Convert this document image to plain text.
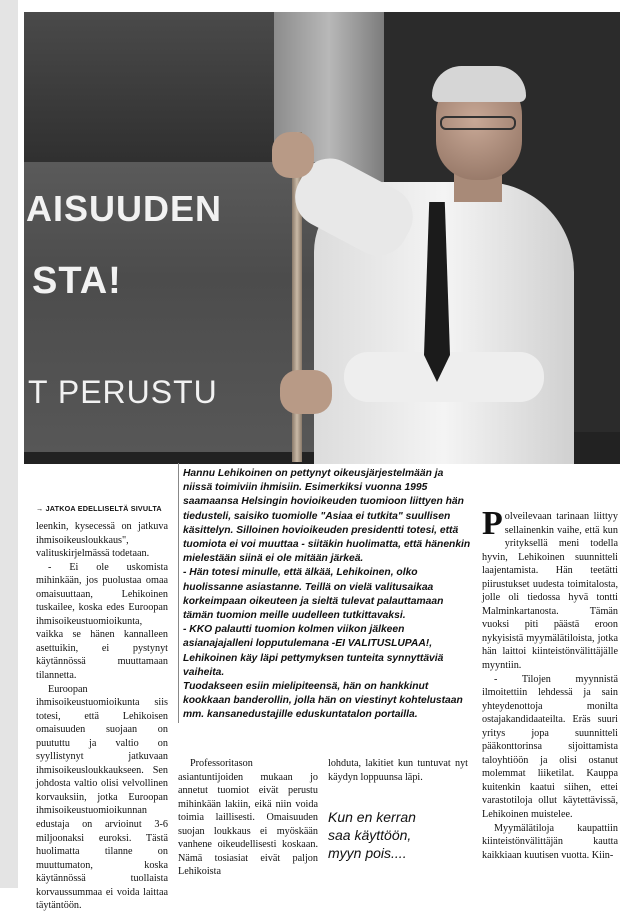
AISUUDEN
STA!
T PERUSTU

Hannu Lehikoinen on pettynyt oikeusjärjestelmään ja niissä toimiviin ihmisiin. Esimerkiksi vuonna 1995 saamaansa Helsingin hovioikeuden tuomioon liittyen hän tiedusteli, saisiko tuomiolle "Asiaa ei tutkita" suullisen käsittelyn. Silloinen hovioikeuden presidentti totesi, että tuomiota ei voi muuttaa - siitäkin huolimatta, että hänenkin mielestään siinä ei ole mitään järkeä.

- Hän totesi minulle, että älkää, Lehikoinen, olko huolissanne asiastanne. Teillä on vielä valitusaikaa korkeimpaan oikeuteen ja sieltä tulevat palauttamaan tämän tuomion meille uudelleen tutkittavaksi.

- KKO palautti tuomion kolmen viikon jälkeen asianajajalleni lopputulemana -EI VALITUSLUPAA!, Lehikoinen käy läpi pettymyksen tunteita synnyttäviä vaiheita.

Tuodakseen esiin mielipiteensä, hän on hankkinut kookkaan banderollin, jolla hän on viestinyt kohtelustaan mm. kansanedustajille eduskuntatalon portailla.

→ JATKOA EDELLISELTÄ SIVULTA

leenkin, kysecessä on jatkuva ihmisoikeusloukkaus", valituskirjelmässä todetaan.

- Ei ole uskomista mihinkään, jos puolustaa omaa omaisuuttaan, Lehikoinen tuskailee, koska edes Euroopan ihmisoikeustuomioikunta, vaikka se hänen kannalleen asettuikin, ei pystynyt käytännössä muuttamaan tilannetta.

Euroopan ihmisoikeustuomioikunta siis totesi, että Lehikoisen omaisuuden suojaan on puututtu ja valtio on syyllistynyt jatkuvaan ihmisoikeusloukkaukseen. Sen johdosta valtio olisi velvollinen korvauksiin, jotka Euroopan ihmisoikeustuomioikunnan edustaja on arvioinut 3-6 miljoonaksi euroksi. Tästä huolimatta tilanne on muuttumaton, koska käytännössä tuollaista korvaussummaa ei voida laittaa täytäntöön.

Professoritason asiantuntijoiden mukaan jo annetut tuomiot eivät perustu mihinkään lakiin, eikä niin voida toimia laillisesti. Omaisuuden suojan loukkaus ei myöskään vanhene oikeudellisesti koskaan. Nämä tosiasiat eivät paljon Lehikoista

lohduta, lakitiet kun tuntuvat nyt käydyn loppuunsa läpi.

Kun en kerran

saa käyttöön,

myyn pois....

Polveilevaan tarinaan liittyy sellainenkin vaihe, että kun yrityksellä meni todella hyvin, Lehikoinen suunnitteli laajentamista. Hän teetätti piirustukset uudesta toimitalosta, jolle oli tiedossa hyvä tontti Malminkartanosta. Tämän vuoksi piti päästä eroon nykyisistä myymälätiloista, jotka hän laittoi kiinteistönvälittäjälle myyntiin.

- Tilojen myynnistä ilmoitettiin lehdessä ja sain yhteydenottoja monilta ostajakandidaateilta. Eräs suuri yritys jopa suunnitteli pääkonttorinsa sijoittamista taloyhtiöön ja olisi ostanut molemmat liiketilat. Kauppa kuitenkin kaatui siihen, ettei varastotiloja ollut käytettävissä, Lehikoinen muistelee.

Myymälätiloja kaupattiin kiinteistönvälittäjän kautta kaikkiaan kuutisen vuotta. Kiin-
